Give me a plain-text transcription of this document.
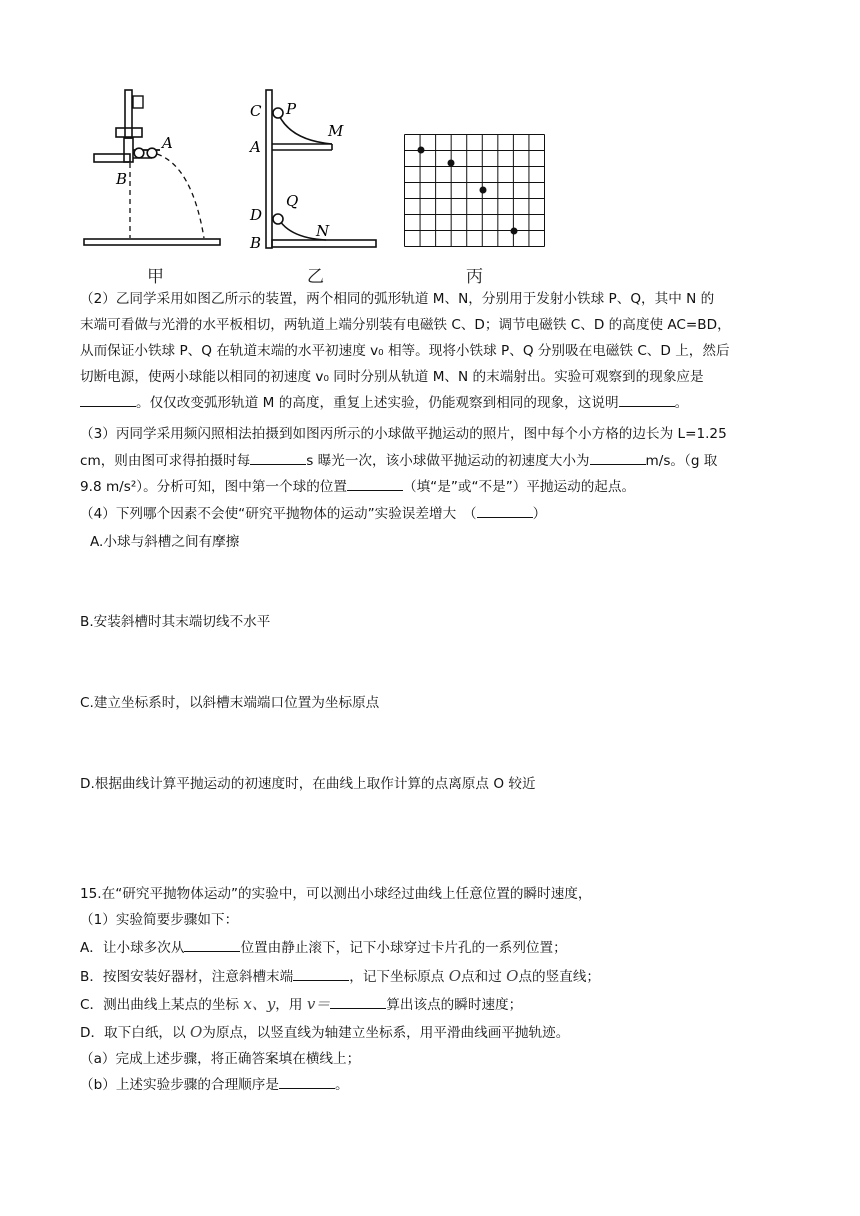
A
B
甲
C P
M
A
D
Q
N
B
乙	丙
（2）乙同学采用如图乙所示的装置，两个相同的弧形轨道 M、N，分别用于发射小铁球 P、Q，其中 N 的
末端可看做与光滑的水平板相切，两轨道上端分别装有电磁铁 C、D；调节电磁铁 C、D 的高度使 AC=BD，
从而保证小铁球 P、Q 在轨道末端的水平初速度 v₀ 相等。现将小铁球 P、Q 分别吸在电磁铁 C、D 上，然后
切断电源，使两小球能以相同的初速度 v₀ 同时分别从轨道 M、N 的末端射出。实验可观察到的现象应是
。仅仅改变弧形轨道 M 的高度，重复上述实验，仍能观察到相同的现象，这说明	。
（3）丙同学采用频闪照相法拍摄到如图丙所示的小球做平抛运动的照片，图中每个小方格的边长为 L=1.25
cm，则由图可求得拍摄时每	s 曝光一次，该小球做平抛运动的初速度大小为	m/s。（g 取
9.8 m/s²）。分析可知，图中第一个球的位置	（填“是”或“不是”）平抛运动的起点。
（4）下列哪个因素不会使“研究平抛物体的运动”实验误差增大　（	）
A.小球与斜槽之间有摩擦
B.安装斜槽时其末端切线不水平
C.建立坐标系时，以斜槽末端端口位置为坐标原点
D.根据曲线计算平抛运动的初速度时，在曲线上取作计算的点离原点 O 较近
15.在“研究平抛物体运动”的实验中，可以测出小球经过曲线上任意位置的瞬时速度，
（1）实验简要步骤如下：
A．让小球多次从	位置由静止滚下，记下小球穿过卡片孔的一系列位置；
B．按图安装好器材，注意斜槽末端	，记下坐标原点 O点和过 O点的竖直线；
C．测出曲线上某点的坐标 x、y，用 v＝	算出该点的瞬时速度；
D．取下白纸，以 O为原点，以竖直线为轴建立坐标系，用平滑曲线画平抛轨迹。
（a）完成上述步骤，将正确答案填在横线上；
（b）上述实验步骤的合理顺序是	。
